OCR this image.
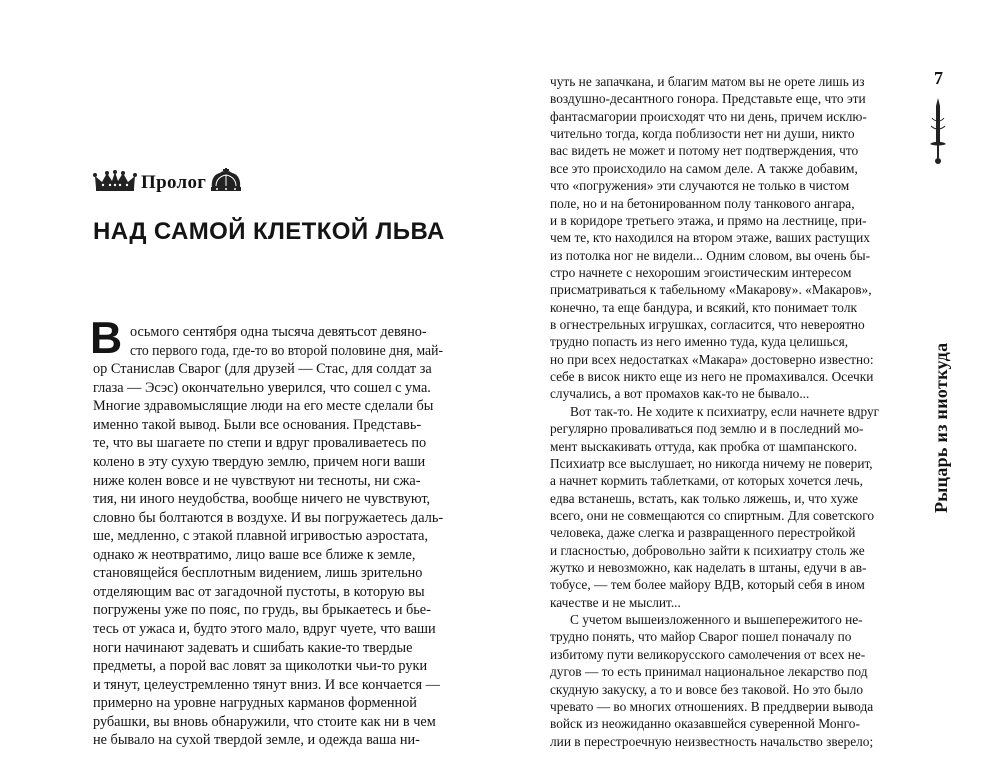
Пролог
НАД САМОЙ КЛЕТКОЙ ЛЬВА
В осьмого сентября одна тысяча девятьсот девяно-
сто первого года, где-то во второй половине дня, май-
ор Станислав Сварог (для друзей — Стас, для солдат за
глаза — Эсэс) окончательно уверился, что сошел с ума.
Многие здравомыслящие люди на его месте сделали бы
именно такой вывод. Были все основания. Представь-
те, что вы шагаете по степи и вдруг проваливаетесь по
колено в эту сухую твердую землю, причем ноги ваши
ниже колен вовсе и не чувствуют ни тесноты, ни сжа-
тия, ни иного неудобства, вообще ничего не чувствуют,
словно бы болтаются в воздухе. И вы погружаетесь даль-
ше, медленно, с этакой плавной игривостью аэростата,
однако ж неотвратимо, лицо ваше все ближе к земле,
становящейся бесплотным видением, лишь зрительно
отделяющим вас от загадочной пустоты, в которую вы
погружены уже по пояс, по грудь, вы брыкаетесь и бье-
тесь от ужаса и, будто этого мало, вдруг чуете, что ваши
ноги начинают задевать и сшибать какие-то твердые
предметы, а порой вас ловят за щиколотки чьи-то руки
и тянут, целеустремленно тянут вниз. И все кончается —
примерно на уровне нагрудных карманов форменной
рубашки, вы вновь обнаружили, что стоите как ни в чем
не бывало на сухой твердой земле, и одежда ваша ни-
чуть не запачкана, и благим матом вы не орете лишь из
воздушно-десантного гонора. Представьте еще, что эти
фантасмагории происходят что ни день, причем исклю-
чительно тогда, когда поблизости нет ни души, никто
вас видеть не может и потому нет подтверждения, что
все это происходило на самом деле. А также добавим,
что «погружения» эти случаются не только в чистом
поле, но и на бетонированном полу танкового ангара,
и в коридоре третьего этажа, и прямо на лестнице, при-
чем те, кто находился на втором этаже, ваших растущих
из потолка ног не видели... Одним словом, вы очень бы-
стро начнете с нехорошим эгоистическим интересом
присматриваться к табельному «Макарову». «Макаров»,
конечно, та еще бандура, и всякий, кто понимает толк
в огнестрельных игрушках, согласится, что невероятно
трудно попасть из него именно туда, куда целишься,
но при всех недостатках «Макара» достоверно известно:
себе в висок никто еще из него не промахивался. Осечки
случались, а вот промахов как-то не бывало...
Вот так-то. Не ходите к психиатру, если начнете вдруг
регулярно проваливаться под землю и в последний мо-
мент выскакивать оттуда, как пробка от шампанского.
Психиатр все выслушает, но никогда ничему не поверит,
а начнет кормить таблетками, от которых хочется лечь,
едва встанешь, встать, как только ляжешь, и, что хуже
всего, они не совмещаются со спиртным. Для советского
человека, даже слегка и развращенного перестройкой
и гласностью, добровольно зайти к психиатру столь же
жутко и невозможно, как наделать в штаны, едучи в ав-
тобусе, — тем более майору ВДВ, который себя в ином
качестве и не мыслит...
С учетом вышеизложенного и вышепережитого не-
трудно понять, что майор Сварог пошел поначалу по
избитому пути великорусского самолечения от всех не-
дугов — то есть принимал национальное лекарство под
скудную закуску, а то и вовсе без таковой. Но это было
чревато — во многих отношениях. В преддверии вывода
войск из неожиданно оказавшейся суверенной Монго-
лии в перестроечную неизвестность начальство зверело;
7
Рыцарь из ниоткуда
